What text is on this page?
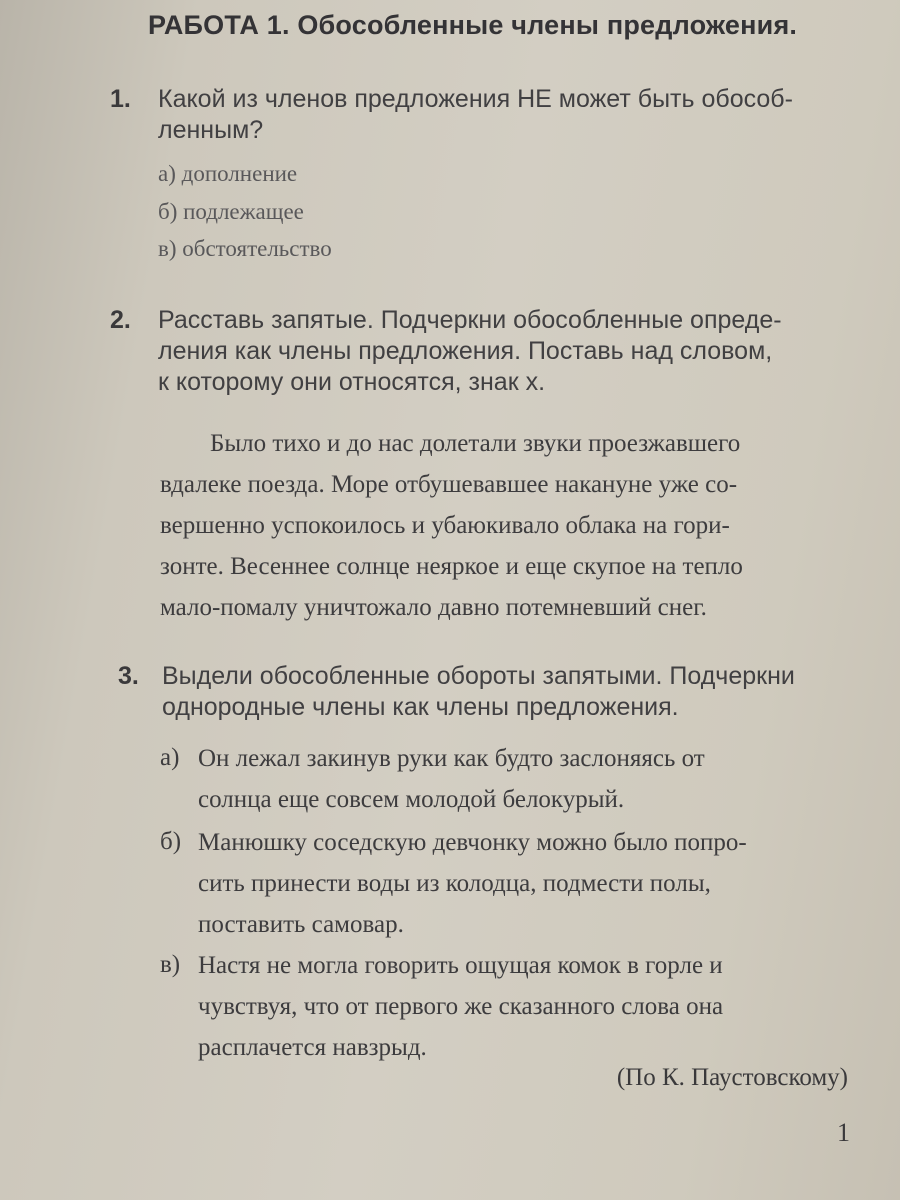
РАБОТА 1. Обособленные члены предложения.
1. Какой из членов предложения НЕ может быть обособ-
ленным?
а) дополнение
б) подлежащее
в) обстоятельство
2. Расставь запятые. Подчеркни обособленные опреде-
ления как члены предложения. Поставь над словом,
к которому они относятся, знак х.
Было тихо и до нас долетали звуки проезжавшего
вдалеке поезда. Море отбушевавшее накануне уже со-
вершенно успокоилось и убаюкивало облака на гори-
зонте. Весеннее солнце неяркое и еще скупое на тепло
мало-помалу уничтожало давно потемневший снег.
3. Выдели обособленные обороты запятыми. Подчеркни
однородные члены как члены предложения.
а) Он лежал закинув руки как будто заслоняясь от
солнца еще совсем молодой белокурый.
б) Манюшку соседскую девчонку можно было попро-
сить принести воды из колодца, подмести полы,
поставить самовар.
в) Настя не могла говорить ощущая комок в горле и
чувствуя, что от первого же сказанного слова она
расплачется навзрыд.
(По К. Паустовскому)
1
